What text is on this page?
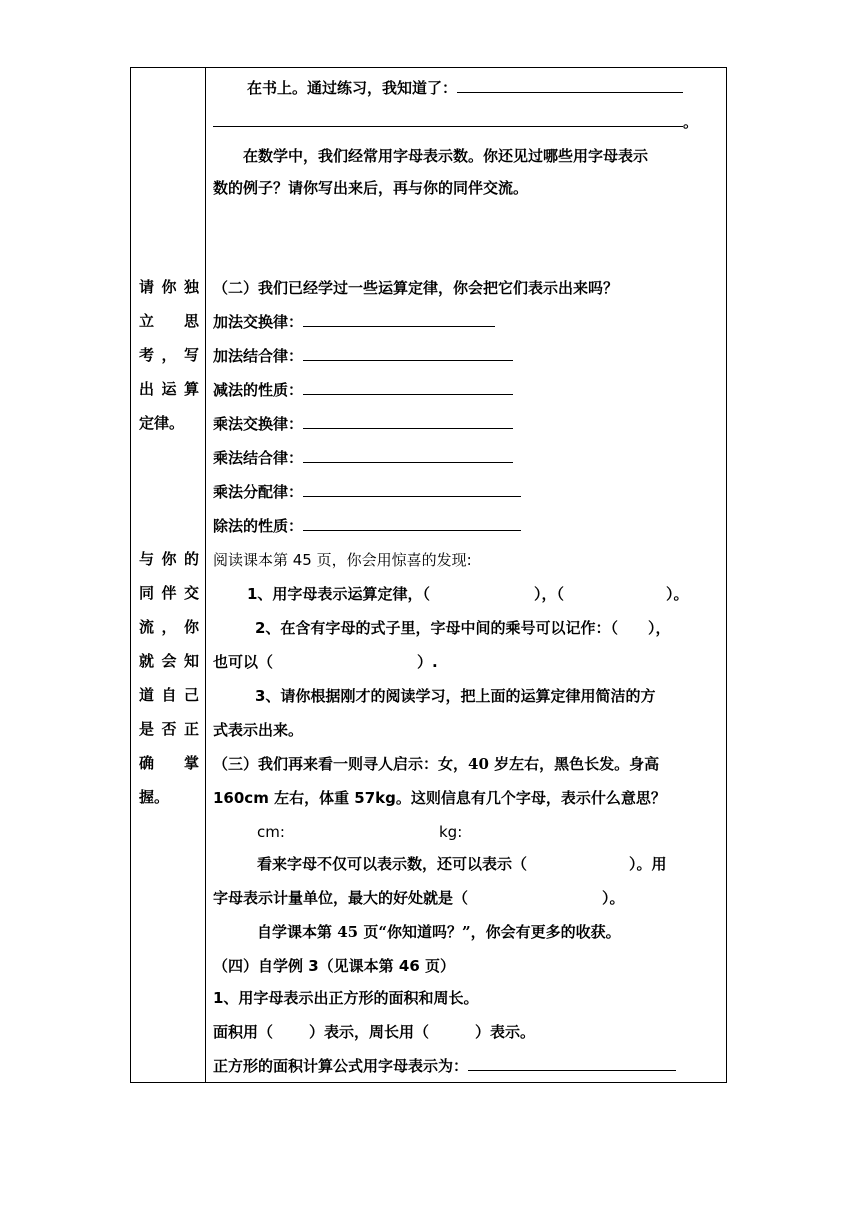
请你独
立　思
考，写
出运算
定律。
与你的
同伴交
流，你
就会知
道自己
是否正
确　掌
握。
在书上。通过练习，我知道了：
。
在数学中，我们经常用字母表示数。你还见过哪些用字母表示
数的例子？请你写出来后，再与你的同伴交流。
（二）我们已经学过一些运算定律，你会把它们表示出来吗？
加法交换律：
加法结合律：
减法的性质：
乘法交换律：
乘法结合律：
乘法分配律：
除法的性质：
阅读课本第 45 页，你会用惊喜的发现:
1、用字母表示运算定律，（	），（	）。
2、在含有字母的式子里，字母中间的乘号可以记作：（　　），
也可以（	）.
3、请你根据刚才的阅读学习，把上面的运算定律用简洁的方
式表示出来。
（三）我们再来看一则寻人启示：女，40 岁左右，黑色长发。身高
160cm 左右，体重 57kg。这则信息有几个字母，表示什么意思？
cm:	kg:
看来字母不仅可以表示数，还可以表示（	）。用
字母表示计量单位，最大的好处就是（	）。
自学课本第 45 页“你知道吗？”，你会有更多的收获。
（四）自学例 3（见课本第 46 页）
1、用字母表示出正方形的面积和周长。
面积用（ ）表示，周长用（	）表示。
正方形的面积计算公式用字母表示为：
